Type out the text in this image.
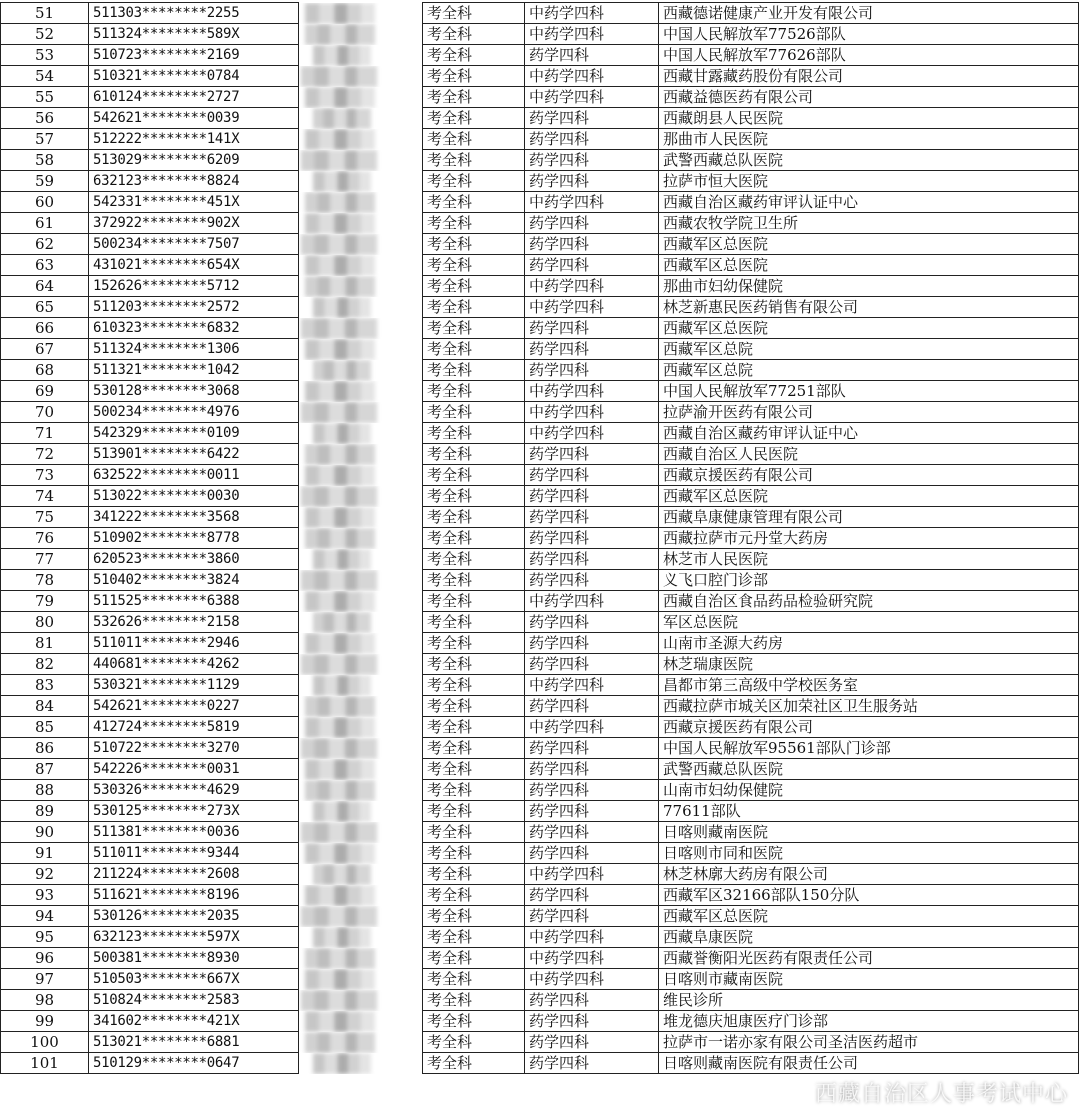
51	511303********2255		考全科	中药学四科	西藏德诺健康产业开发有限公司
52	511324********589X		考全科	中药学四科	中国人民解放军77526部队
53	510723********2169		考全科	药学四科	中国人民解放军77626部队
54	510321********0784		考全科	中药学四科	西藏甘露藏药股份有限公司
55	610124********2727		考全科	中药学四科	西藏益德医药有限公司
56	542621********0039		考全科	药学四科	西藏朗县人民医院
57	512222********141X		考全科	药学四科	那曲市人民医院
58	513029********6209		考全科	药学四科	武警西藏总队医院
59	632123********8824		考全科	药学四科	拉萨市恒大医院
60	542331********451X		考全科	中药学四科	西藏自治区藏药审评认证中心
61	372922********902X		考全科	药学四科	西藏农牧学院卫生所
62	500234********7507		考全科	药学四科	西藏军区总医院
63	431021********654X		考全科	药学四科	西藏军区总医院
64	152626********5712		考全科	中药学四科	那曲市妇幼保健院
65	511203********2572		考全科	中药学四科	林芝新惠民医药销售有限公司
66	610323********6832		考全科	药学四科	西藏军区总医院
67	511324********1306		考全科	药学四科	西藏军区总院
68	511321********1042		考全科	药学四科	西藏军区总院
69	530128********3068		考全科	中药学四科	中国人民解放军77251部队
70	500234********4976		考全科	中药学四科	拉萨渝开医药有限公司
71	542329********0109		考全科	中药学四科	西藏自治区藏药审评认证中心
72	513901********6422		考全科	药学四科	西藏自治区人民医院
73	632522********0011		考全科	药学四科	西藏京援医药有限公司
74	513022********0030		考全科	药学四科	西藏军区总医院
75	341222********3568		考全科	药学四科	西藏阜康健康管理有限公司
76	510902********8778		考全科	药学四科	西藏拉萨市元丹堂大药房
77	620523********3860		考全科	药学四科	林芝市人民医院
78	510402********3824		考全科	药学四科	义飞口腔门诊部
79	511525********6388		考全科	中药学四科	西藏自治区食品药品检验研究院
80	532626********2158		考全科	药学四科	军区总医院
81	511011********2946		考全科	药学四科	山南市圣源大药房
82	440681********4262		考全科	药学四科	林芝瑞康医院
83	530321********1129		考全科	中药学四科	昌都市第三高级中学校医务室
84	542621********0227		考全科	药学四科	西藏拉萨市城关区加荣社区卫生服务站
85	412724********5819		考全科	中药学四科	西藏京援医药有限公司
86	510722********3270		考全科	药学四科	中国人民解放军95561部队门诊部
87	542226********0031		考全科	药学四科	武警西藏总队医院
88	530326********4629		考全科	药学四科	山南市妇幼保健院
89	530125********273X		考全科	药学四科	77611部队
90	511381********0036		考全科	药学四科	日喀则藏南医院
91	511011********9344		考全科	药学四科	日喀则市同和医院
92	211224********2608		考全科	中药学四科	林芝林廓大药房有限公司
93	511621********8196		考全科	药学四科	西藏军区32166部队150分队
94	530126********2035		考全科	药学四科	西藏军区总医院
95	632123********597X		考全科	中药学四科	西藏阜康医院
96	500381********8930		考全科	中药学四科	西藏誉衡阳光医药有限责任公司
97	510503********667X		考全科	中药学四科	日喀则市藏南医院
98	510824********2583		考全科	药学四科	维民诊所
99	341602********421X		考全科	药学四科	堆龙德庆旭康医疗门诊部
100	513021********6881		考全科	药学四科	拉萨市一诺亦家有限公司圣洁医药超市
101	510129********0647		考全科	药学四科	日喀则藏南医院有限责任公司
西藏自治区人事考试中心
